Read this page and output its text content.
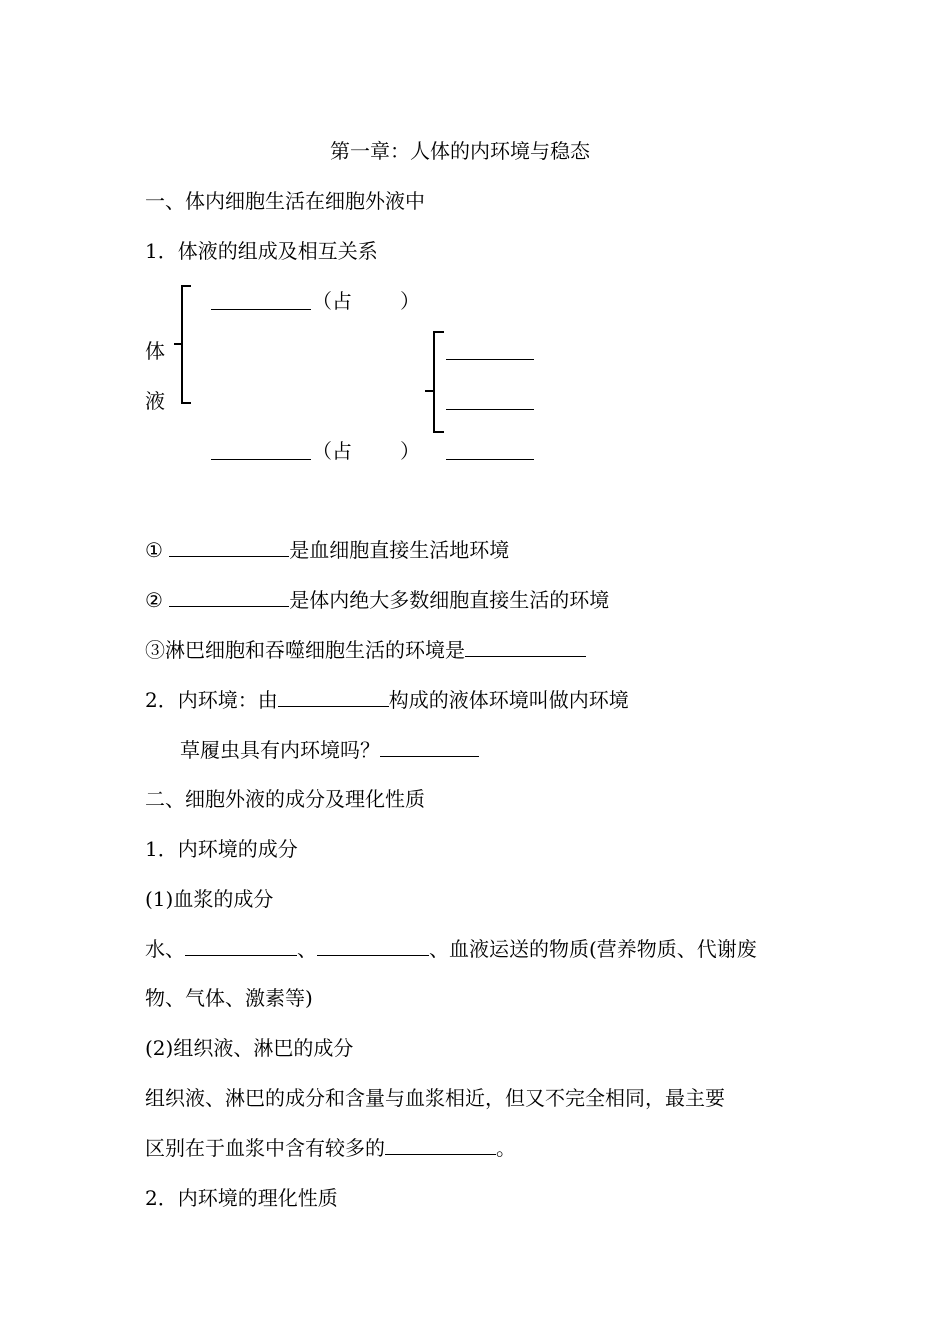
第一章：人体的内环境与稳态
一、体内细胞生活在细胞外液中
1．体液的组成及相互关系
体
液
（占 ）
（占 ）
①	是血细胞直接生活地环境
②	是体内绝大多数细胞直接生活的环境
③淋巴细胞和吞噬细胞生活的环境是
2．内环境：由	构成的液体环境叫做内环境
草履虫具有内环境吗？
二、细胞外液的成分及理化性质
1．内环境的成分
(1)血浆的成分
水、	、	、血液运送的物质(营养物质、代谢废
物、气体、激素等)
(2)组织液、淋巴的成分
组织液、淋巴的成分和含量与血浆相近，但又不完全相同，最主要
区别在于血浆中含有较多的	。
2．内环境的理化性质
